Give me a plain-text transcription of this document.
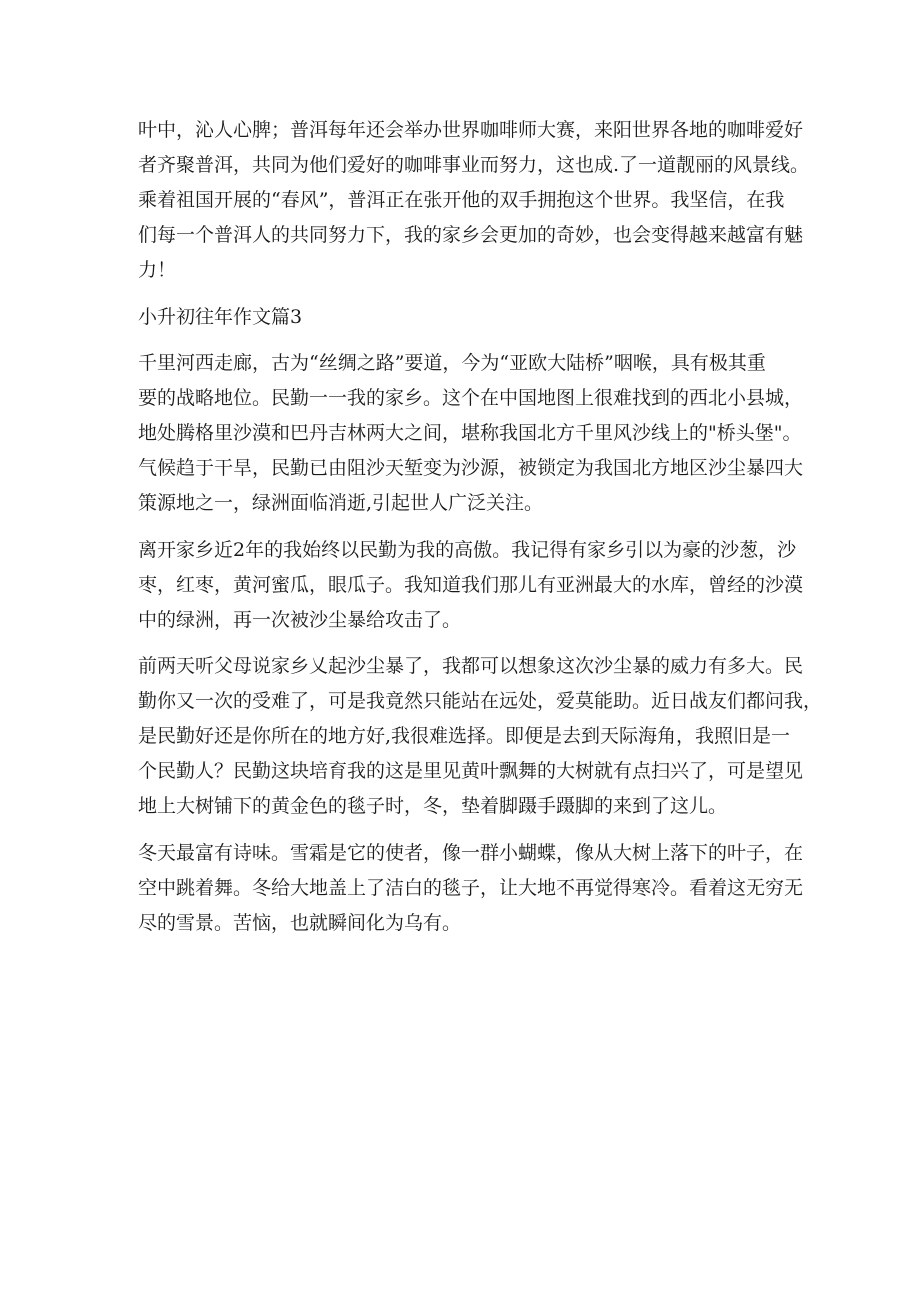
叶中，沁人心脾；普洱每年还会举办世界咖啡师大赛，来阳世界各地的咖啡爱好
者齐聚普洱，共同为他们爱好的咖啡事业而努力，这也成.了一道靓丽的风景线。
乘着祖国开展的“春风”，普洱正在张开他的双手拥抱这个世界。我坚信，在我
们每一个普洱人的共同努力下，我的家乡会更加的奇妙，也会变得越来越富有魅
力！
小升初往年作文篇3
千里河西走廊，古为“丝绸之路”要道，今为“亚欧大陆桥”咽喉，具有极其重
要的战略地位。民勤一一我的家乡。这个在中国地图上很难找到的西北小县城，
地处腾格里沙漠和巴丹吉林两大之间，堪称我国北方千里风沙线上的"桥头堡"。
气候趋于干旱，民勤已由阻沙天堑变为沙源，被锁定为我国北方地区沙尘暴四大
策源地之一，绿洲面临消逝,引起世人广泛关注。
离开家乡近2年的我始终以民勤为我的高傲。我记得有家乡引以为豪的沙葱，沙
枣，红枣，黄河蜜瓜，眼瓜子。我知道我们那儿有亚洲最大的水库，曾经的沙漠
中的绿洲，再一次被沙尘暴给攻击了。
前两天听父母说家乡乂起沙尘暴了，我都可以想象这次沙尘暴的威力有多大。民
勤你又一次的受难了，可是我竟然只能站在远处，爱莫能助。近日战友们都问我，
是民勤好还是你所在的地方好,我很难选择。即便是去到天际海角，我照旧是一
个民勤人？民勤这块培育我的这是里见黄叶飘舞的大树就有点扫兴了，可是望见
地上大树铺下的黄金色的毯子时，冬，垫着脚蹑手蹑脚的来到了这儿。
冬天最富有诗味。雪霜是它的使者，像一群小蝴蝶，像从大树上落下的叶子，在
空中跳着舞。冬给大地盖上了洁白的毯子，让大地不再觉得寒冷。看着这无穷无
尽的雪景。苦恼，也就瞬间化为乌有。
